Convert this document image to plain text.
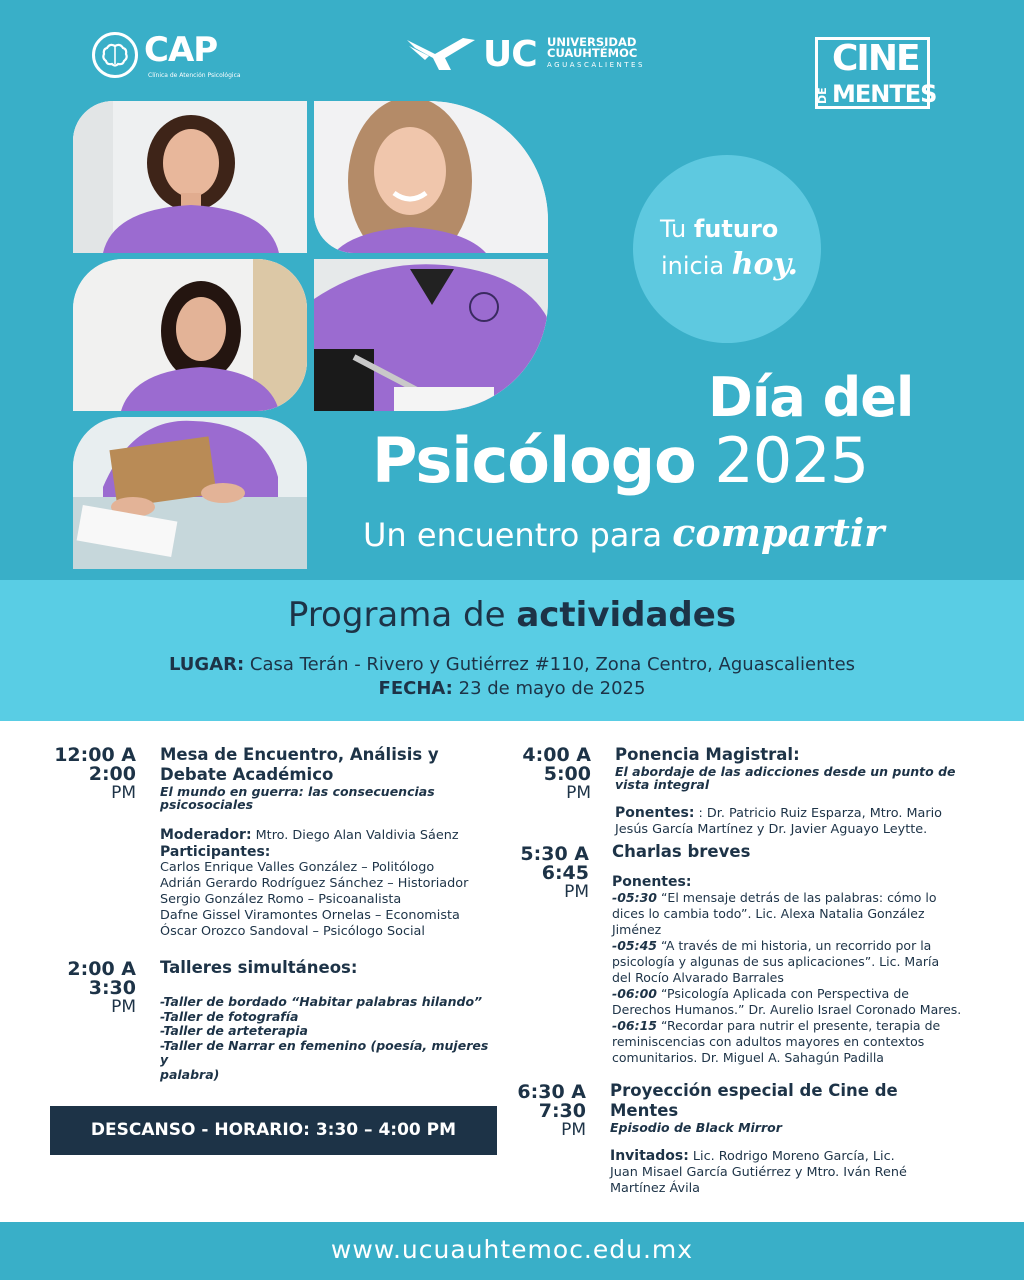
CAP
Clínica de Atención Psicológica
UC UNIVERSIDAD
CUAUHTÉMOC
AGUASCALIENTES	CINE
DE MENTES
Tu futuro
inicia hoy.
Día del
Psicólogo 2025
Un encuentro para compartir
Programa de actividades
LUGAR: Casa Terán - Rivero y Gutiérrez #110, Zona Centro, Aguascalientes
FECHA: 23 de mayo de 2025
12:00 A
2:00
PM
Mesa de Encuentro, Análisis y
Debate Académico
El mundo en guerra: las consecuencias
psicosociales
Moderador: Mtro. Diego Alan Valdivia Sáenz
Participantes:
Carlos Enrique Valles González – Politólogo
Adrián Gerardo Rodríguez Sánchez – Historiador
Sergio González Romo – Psicoanalista
Dafne Gissel Viramontes Ornelas – Economista
Óscar Orozco Sandoval – Psicólogo Social
2:00 A
3:30
PM
Talleres simultáneos:
-Taller de bordado “Habitar palabras hilando”
-Taller de fotografía
-Taller de arteterapia
-Taller de Narrar en femenino (poesía, mujeres y
palabra)
DESCANSO - HORARIO: 3:30 – 4:00 PM
4:00 A
5:00
PM
Ponencia Magistral:
El abordaje de las adicciones desde un punto de
vista integral
Ponentes: : Dr. Patricio Ruiz Esparza, Mtro. Mario
Jesús García Martínez y Dr. Javier Aguayo Leytte.
5:30 A
6:45
PM
Charlas breves
Ponentes:
-05:30 “El mensaje detrás de las palabras: cómo lo
dices lo cambia todo”. Lic. Alexa Natalia González
Jiménez
-05:45 “A través de mi historia, un recorrido por la
psicología y algunas de sus aplicaciones”. Lic. María
del Rocío Alvarado Barrales
-06:00 “Psicología Aplicada con Perspectiva de
Derechos Humanos.” Dr. Aurelio Israel Coronado Mares.
-06:15 “Recordar para nutrir el presente, terapia de
reminiscencias con adultos mayores en contextos
comunitarios. Dr. Miguel A. Sahagún Padilla
6:30 A
7:30
PM
Proyección especial de Cine de
Mentes
Episodio de Black Mirror
Invitados: Lic. Rodrigo Moreno García, Lic.
Juan Misael García Gutiérrez y Mtro. Iván René
Martínez Ávila
www.ucuauhtemoc.edu.mx
